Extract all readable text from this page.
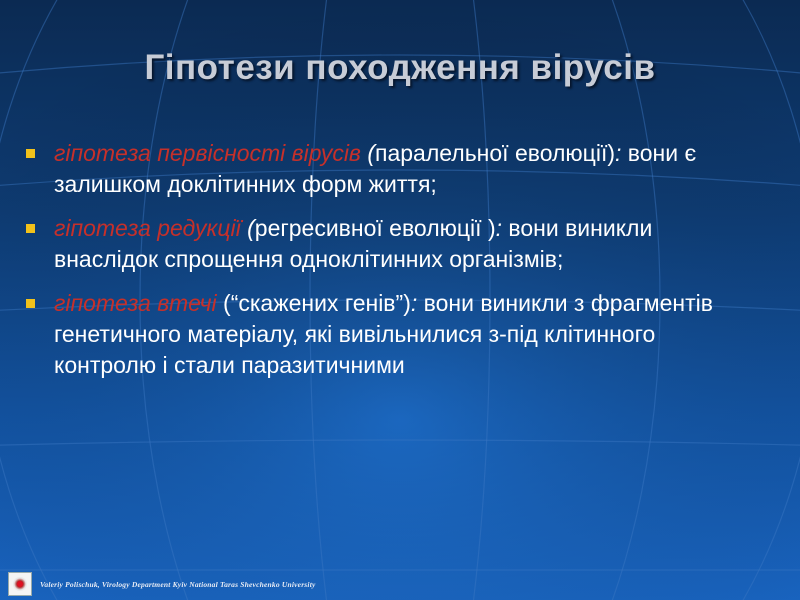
Гіпотези походження вірусів
гіпотеза первісності вірусів (паралельної еволюції): вони є залишком доклітинних форм життя;
гіпотеза редукції (регресивної еволюції ): вони виникли внаслідок спрощення одноклітинних організмів;
гіпотеза втечі (“скажених генів”): вони виникли з фрагментів генетичного матеріалу, які вивільнилися з-під клітинного контролю і стали паразитичними
Valeriy Polischuk, Virology Department Kyiv National Taras Shevchenko University
